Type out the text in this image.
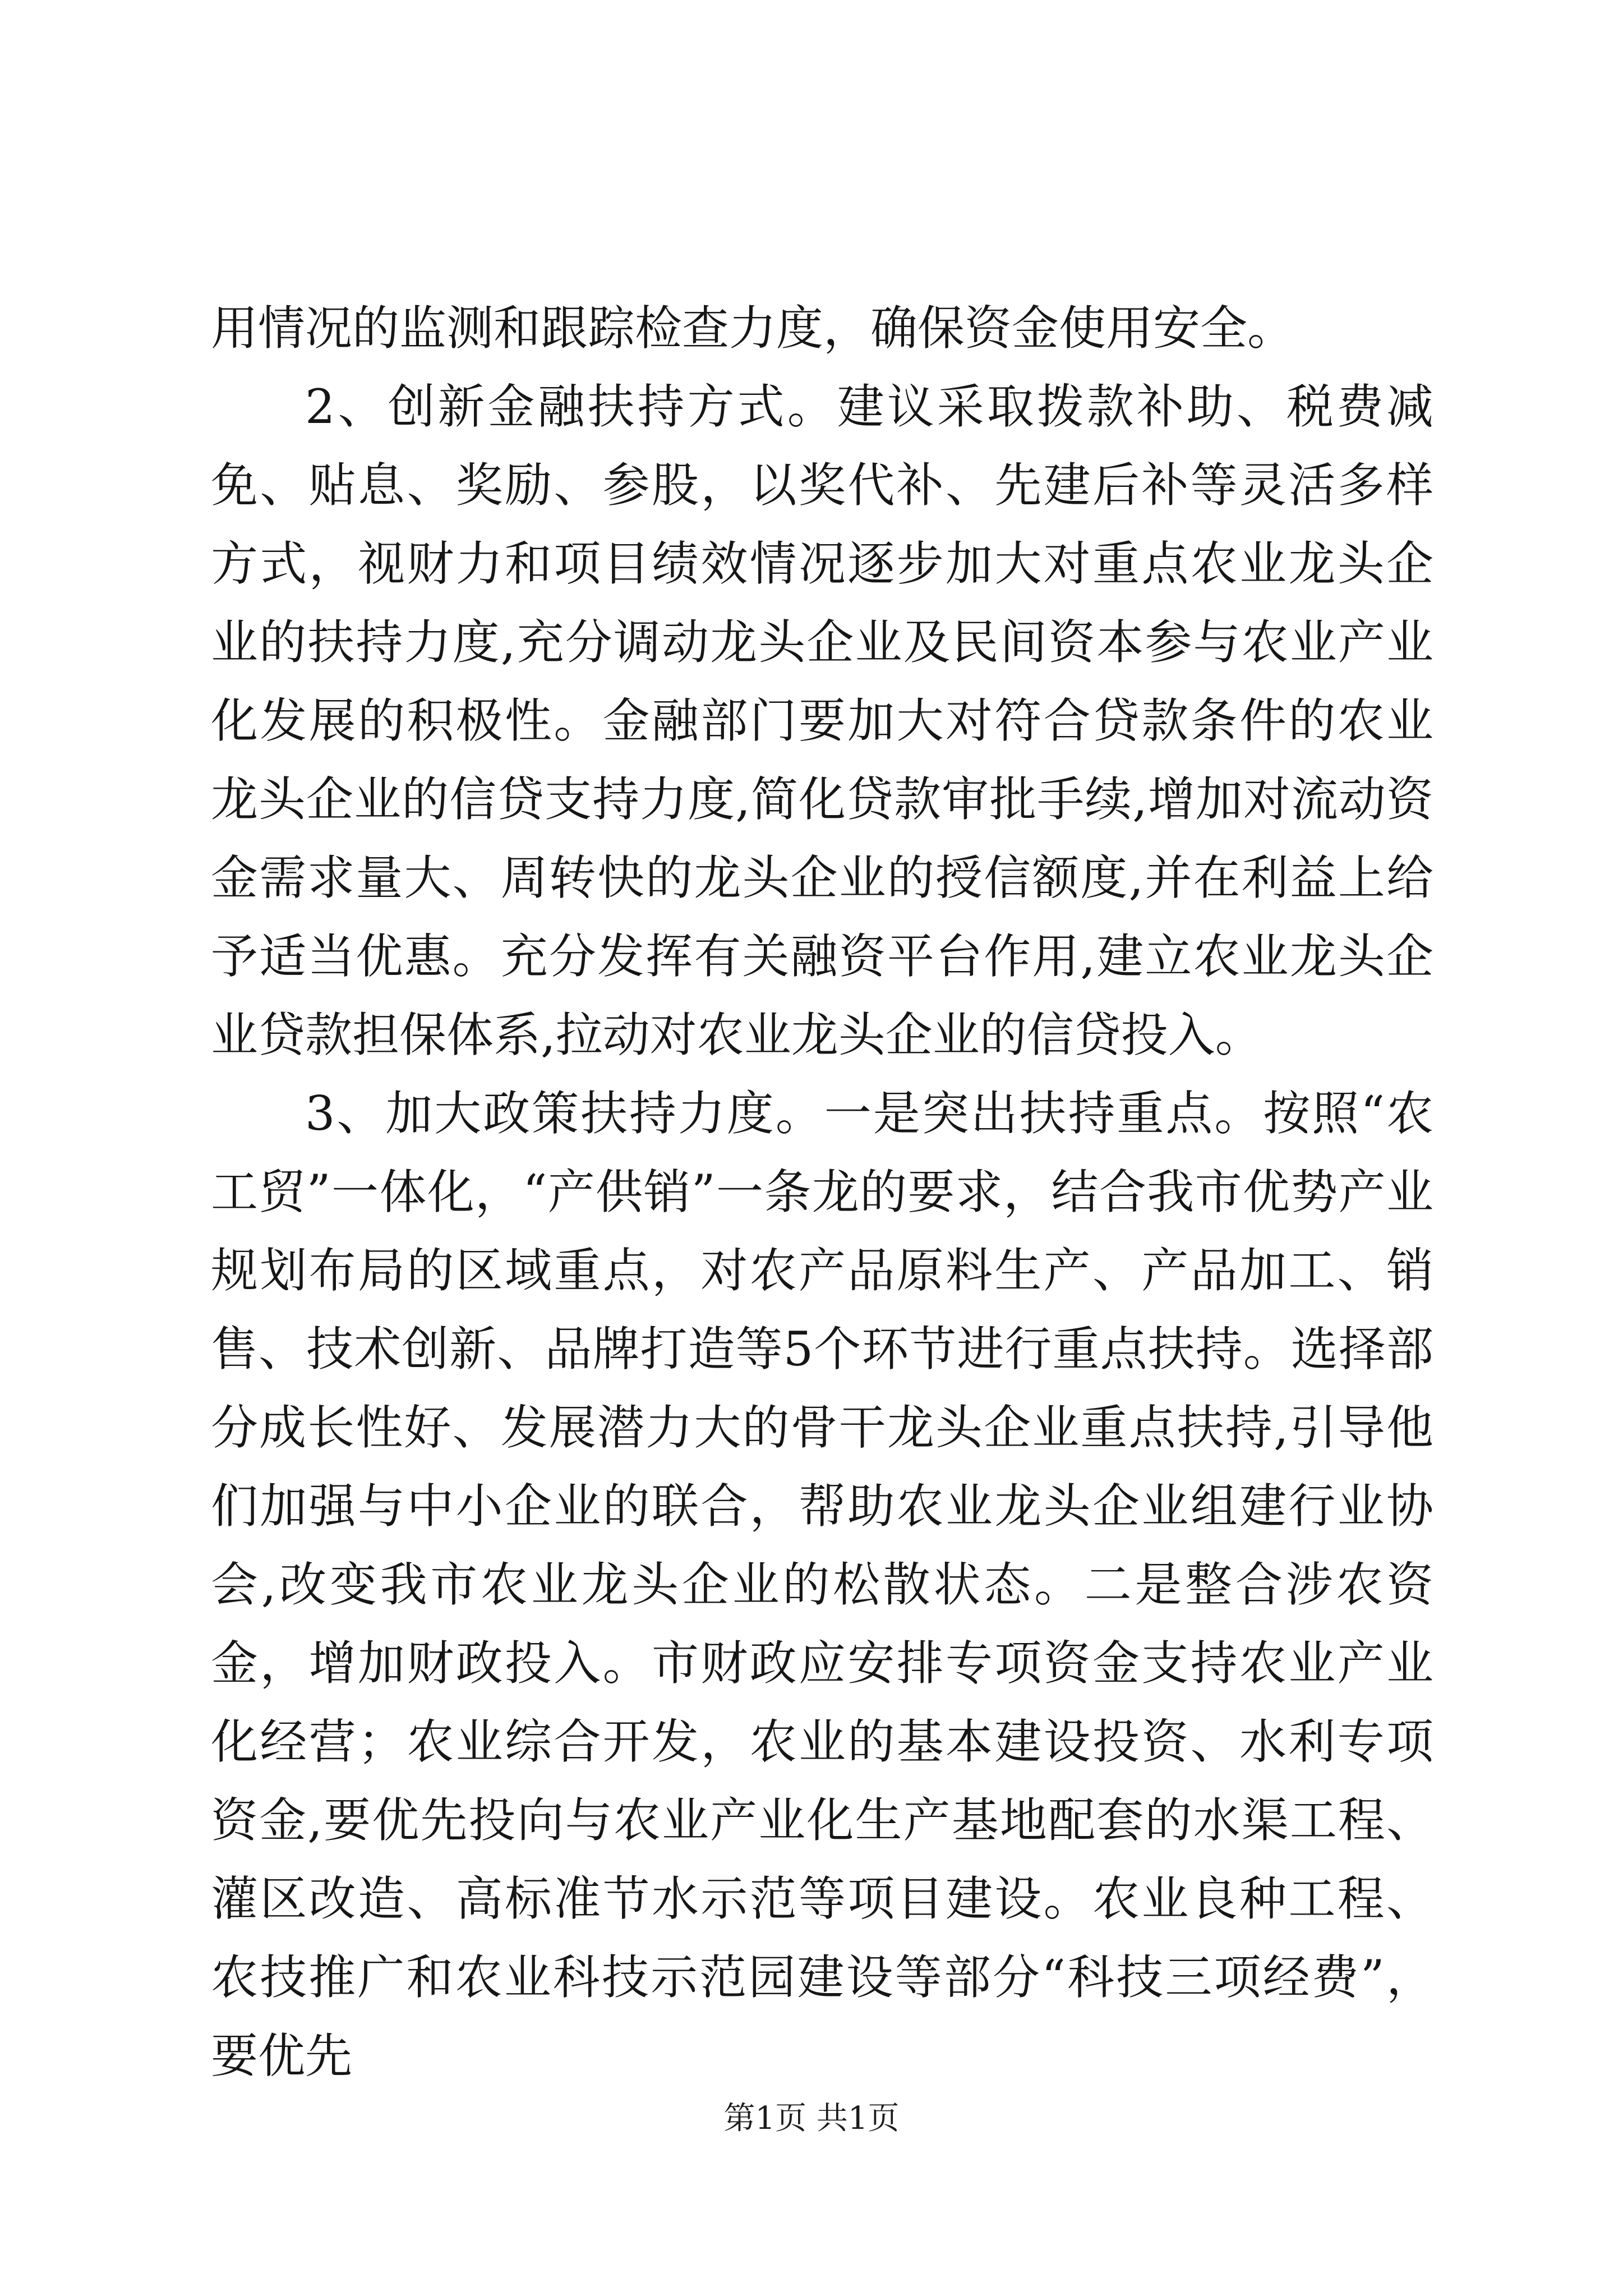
用情况的监测和跟踪检查力度，确保资金使用安全。

2、创新金融扶持方式。建议采取拨款补助、税费减免、贴息、奖励、参股，以奖代补、先建后补等灵活多样方式，视财力和项目绩效情况逐步加大对重点农业龙头企业的扶持力度,充分调动龙头企业及民间资本参与农业产业化发展的积极性。金融部门要加大对符合贷款条件的农业龙头企业的信贷支持力度,简化贷款审批手续,增加对流动资金需求量大、周转快的龙头企业的授信额度,并在利益上给予适当优惠。充分发挥有关融资平台作用,建立农业龙头企业贷款担保体系,拉动对农业龙头企业的信贷投入。

3、加大政策扶持力度。一是突出扶持重点。按照“农工贸”一体化，“产供销”一条龙的要求，结合我市优势产业规划布局的区域重点，对农产品原料生产、产品加工、销售、技术创新、品牌打造等5个环节进行重点扶持。选择部分成长性好、发展潜力大的骨干龙头企业重点扶持,引导他们加强与中小企业的联合，帮助农业龙头企业组建行业协会,改变我市农业龙头企业的松散状态。二是整合涉农资金，增加财政投入。市财政应安排专项资金支持农业产业化经营；农业综合开发，农业的基本建设投资、水利专项资金,要优先投向与农业产业化生产基地配套的水渠工程、灌区改造、高标准节水示范等项目建设。农业良种工程、农技推广和农业科技示范园建设等部分“科技三项经费”，要优先

第1页 共1页
